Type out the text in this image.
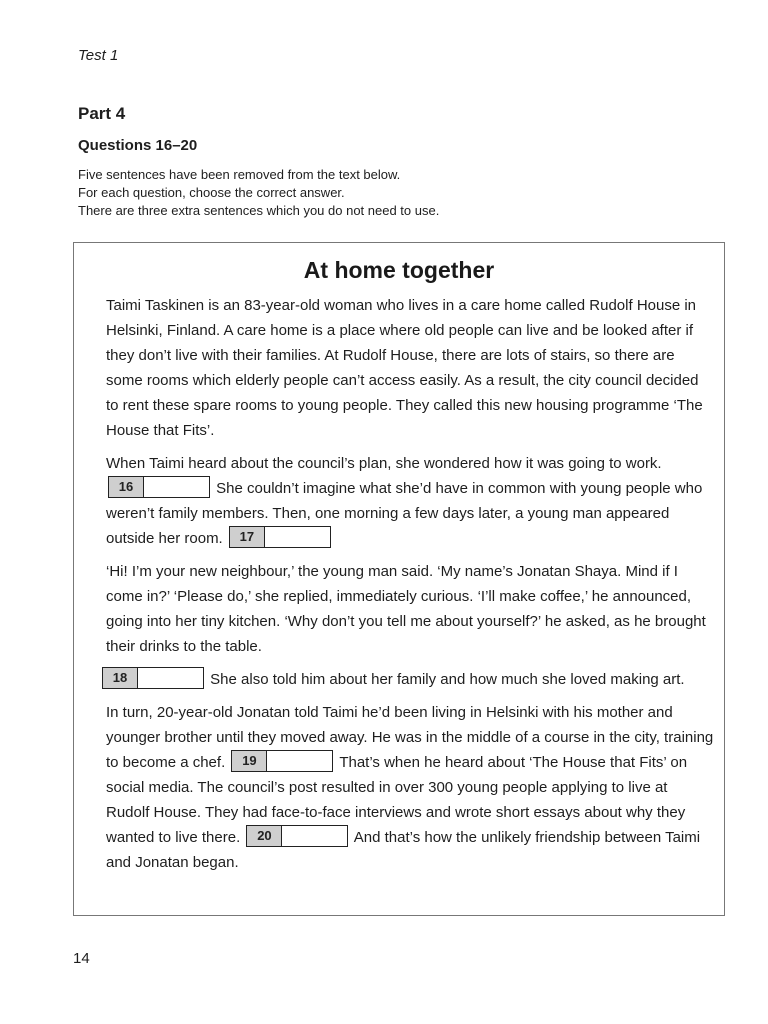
Test 1
Part 4
Questions 16–20
Five sentences have been removed from the text below.
For each question, choose the correct answer.
There are three extra sentences which you do not need to use.
At home together

Taimi Taskinen is an 83-year-old woman who lives in a care home called Rudolf House in Helsinki, Finland. A care home is a place where old people can live and be looked after if they don’t live with their families. At Rudolf House, there are lots of stairs, so there are some rooms which elderly people can’t access easily. As a result, the city council decided to rent these spare rooms to young people. They called this new housing programme ‘The House that Fits’.

When Taimi heard about the council’s plan, she wondered how it was going to work.
16	She couldn’t imagine what she’d have in common with young people who weren’t family members. Then, one morning a few days later, a young man appeared outside her room.	17

‘Hi! I’m your new neighbour,’ the young man said. ‘My name’s Jonatan Shaya. Mind if I come in?’ ‘Please do,’ she replied, immediately curious. ‘I’ll make coffee,’ he announced, going into her tiny kitchen. ‘Why don’t you tell me about yourself?’ he asked, as he brought their drinks to the table.

18	She also told him about her family and how much she loved making art.

In turn, 20-year-old Jonatan told Taimi he’d been living in Helsinki with his mother and younger brother until they moved away. He was in the middle of a course in the city, training to become a chef.	19	That’s when he heard about ‘The House that Fits’ on social media. The council’s post resulted in over 300 young people applying to live at Rudolf House. They had face-to-face interviews and wrote short essays about why they wanted to live there.	20	And that’s how the unlikely friendship between Taimi and Jonatan began.

14
